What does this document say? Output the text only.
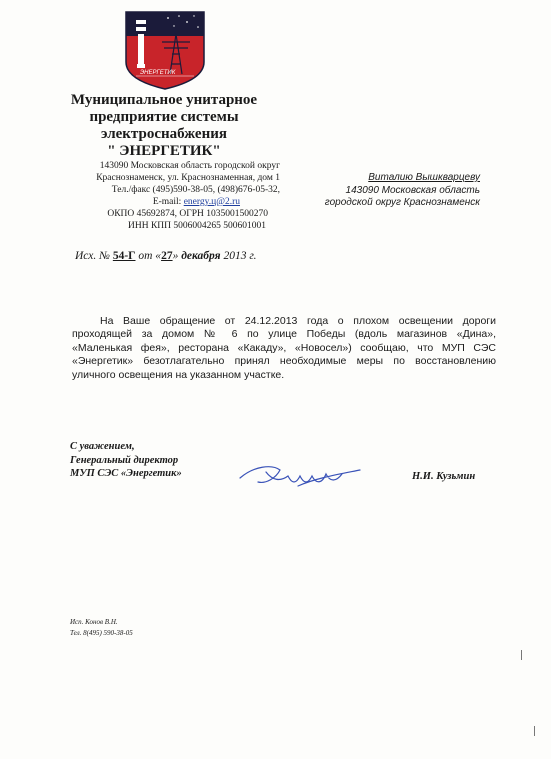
ЭНЕРГЕТИК
Муниципальное унитарное
предприятие системы
электроснабжения
" ЭНЕРГЕТИК"
143090 Московская область городской округ
Краснознаменск, ул. Краснознаменная, дом 1
Тел./факс (495)590-38-05, (498)676-05-32,
E-mail: energy.ц@2.ru
ОКПО 45692874, ОГРН 1035001500270
ИНН КПП 5006004265 500601001
Виталию Вышкварцеву
143090 Московская область
городской округ Краснознаменск
Исх. № 54-Г от «27» декабря 2013 г.
На Ваше обращение от 24.12.2013 года о плохом освещении дороги
проходящей за домом № 6 по улице Победы (вдоль магазинов «Дина»,
«Маленькая фея», ресторана «Какаду», «Новосел») сообщаю, что МУП СЭС
«Энергетик» безотлагательно принял необходимые меры по восстановлению
уличного освещения на указанном участке.
С уважением,
Генеральный директор
МУП СЭС «Энергетик»	Н.И. Кузьмин
Исп. Конов В.Н.
Тел. 8(495) 590-38-05
